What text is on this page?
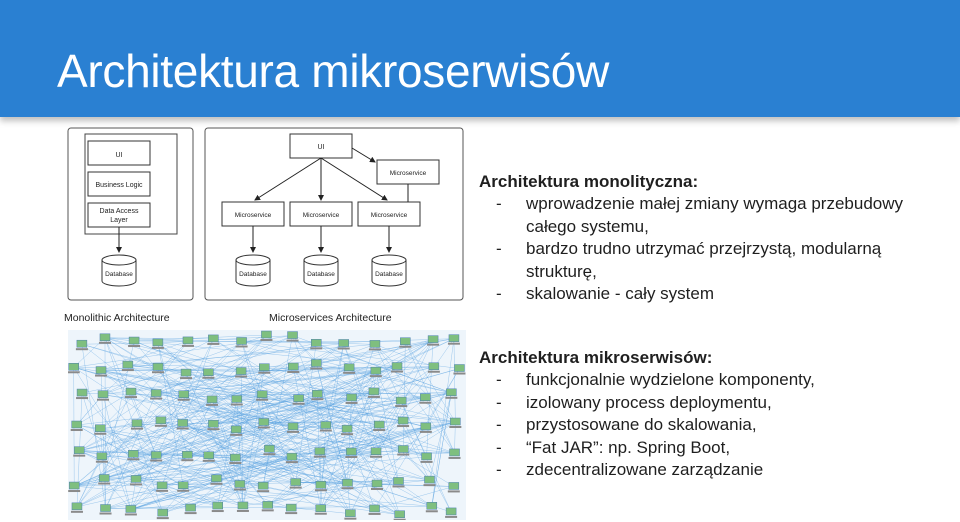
Architektura mikroserwisów
UI
Business Logic
Data Access
Layer
Database
UI
Microservice
Microservice	Microservice	Microservice
Database	Database	Database
Monolithic Architecture	Microservices Architecture

Architektura monolityczna:

- wprowadzenie małej zmiany wymaga przebudowy
całego systemu,
- bardzo trudno utrzymać przejrzystą, modularną
strukturę,
- skalowanie - cały system

Architektura mikroserwisów:

- funkcjonalnie wydzielone komponenty,
- izolowany process deploymentu,
- przystosowane do skalowania,
- “Fat JAR”: np. Spring Boot,
- zdecentralizowane zarządzanie
